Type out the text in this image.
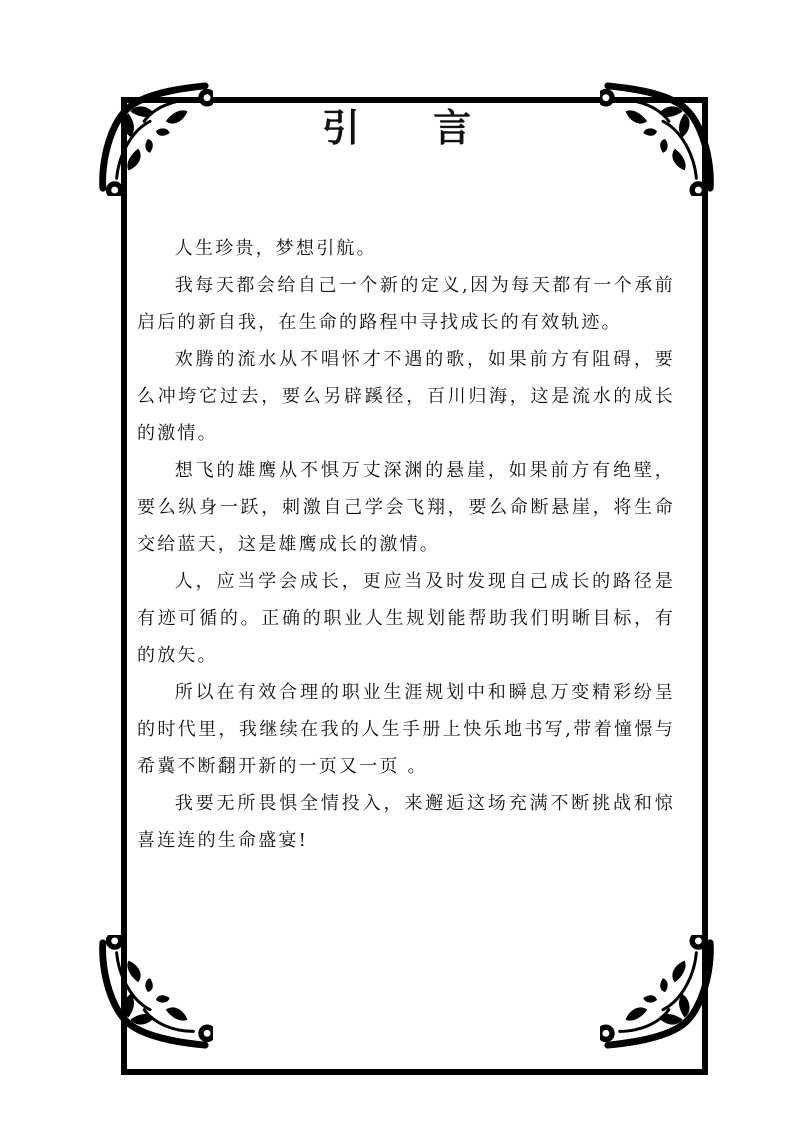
引 言

人生珍贵，梦想引航。

我每天都会给自己一个新的定义,因为每天都有一个承前启后的新自我，在生命的路程中寻找成长的有效轨迹。

欢腾的流水从不唱怀才不遇的歌，如果前方有阻碍，要么冲垮它过去，要么另辟蹊径，百川归海，这是流水的成长的激情。

想飞的雄鹰从不惧万丈深渊的悬崖，如果前方有绝壁，要么纵身一跃，刺激自己学会飞翔，要么命断悬崖，将生命交给蓝天，这是雄鹰成长的激情。

人，应当学会成长，更应当及时发现自己成长的路径是有迹可循的。正确的职业人生规划能帮助我们明晰目标，有的放矢。

所以在有效合理的职业生涯规划中和瞬息万变精彩纷呈的时代里，我继续在我的人生手册上快乐地书写,带着憧憬与希冀不断翻开新的一页又一页 。

我要无所畏惧全情投入，来邂逅这场充满不断挑战和惊喜连连的生命盛宴!
